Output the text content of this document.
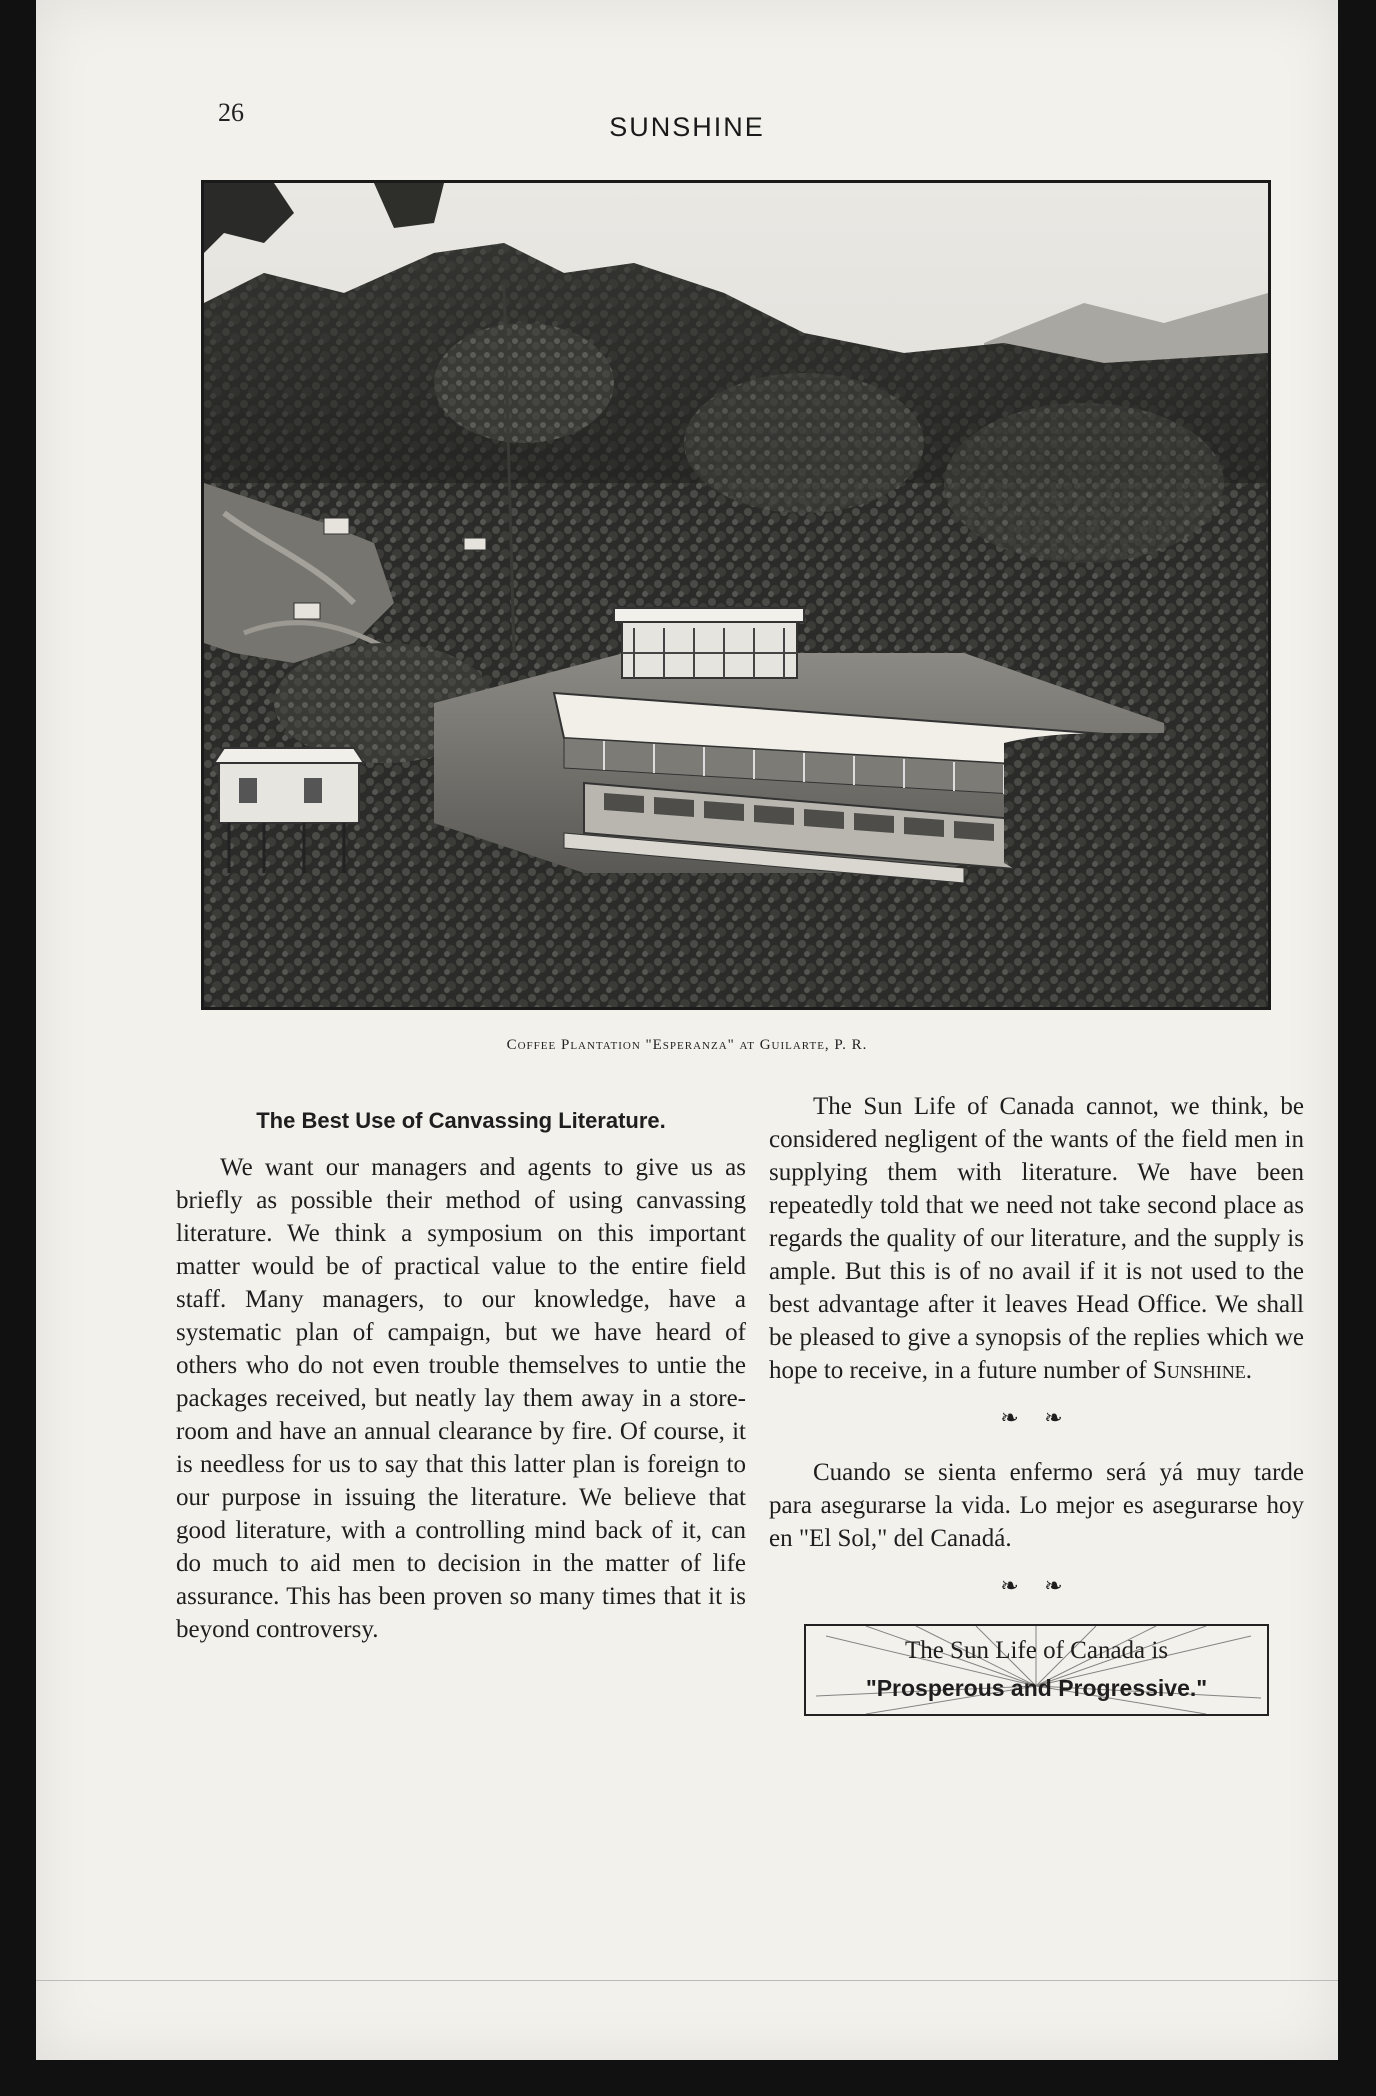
26	SUNSHINE
Coffee Plantation "Esperanza" at Guilarte, P. R.
The Best Use of Canvassing Literature.

We want our managers and agents to give us as briefly as possible their method of using canvassing literature. We think a symposium on this important matter would be of practical value to the entire field staff. Many managers, to our knowledge, have a systematic plan of campaign, but we have heard of others who do not even trouble themselves to untie the packages received, but neatly lay them away in a store-room and have an annual clearance by fire. Of course, it is needless for us to say that this latter plan is foreign to our purpose in issuing the literature. We believe that good literature, with a controlling mind back of it, can do much to aid men to decision in the matter of life assurance. This has been proven so many times that it is beyond controversy.

The Sun Life of Canada cannot, we think, be considered negligent of the wants of the field men in supplying them with literature. We have been repeatedly told that we need not take second place as regards the quality of our literature, and the supply is ample. But this is of no avail if it is not used to the best advantage after it leaves Head Office. We shall be pleased to give a synopsis of the replies which we hope to receive, in a future number of Sunshine.

❧ ❧

Cuando se sienta enfermo será yá muy tarde para asegurarse la vida. Lo mejor es asegurarse hoy en "El Sol," del Canadá.

❧ ❧
The Sun Life of Canada is
"Prosperous and Progressive."
